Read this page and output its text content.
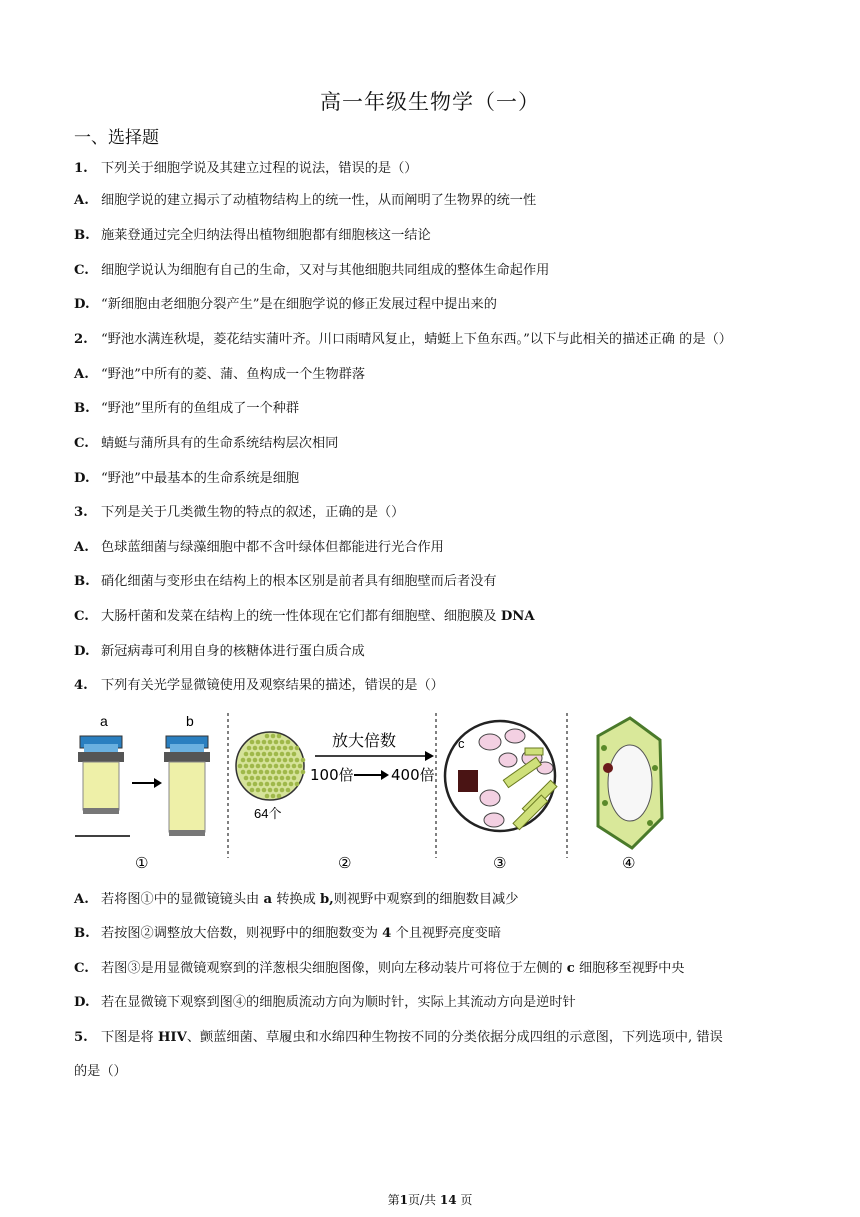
高一年级生物学（一）
一、选择题
1. 下列关于细胞学说及其建立过程的说法，错误的是（）
A. 细胞学说的建立揭示了动植物结构上的统一性，从而阐明了生物界的统一性
B. 施莱登通过完全归纳法得出植物细胞都有细胞核这一结论
C. 细胞学说认为细胞有自己的生命，又对与其他细胞共同组成的整体生命起作用
D. “新细胞由老细胞分裂产生”是在细胞学说的修正发展过程中提出来的
2. “野池水满连秋堤，菱花结实蒲叶齐。川口雨晴风复止，蜻蜓上下鱼东西。”以下与此相关的描述正确 的是（）
A. “野池”中所有的菱、蒲、鱼构成一个生物群落
B. “野池”里所有的鱼组成了一个种群
C. 蜻蜓与蒲所具有的生命系统结构层次相同
D. “野池”中最基本的生命系统是细胞
3. 下列是关于几类微生物的特点的叙述，正确的是（）
A. 色球蓝细菌与绿藻细胞中都不含叶绿体但都能进行光合作用
B. 硝化细菌与变形虫在结构上的根本区别是前者具有细胞壁而后者没有
C. 大肠杆菌和发菜在结构上的统一性体现在它们都有细胞壁、细胞膜及 DNA
D. 新冠病毒可利用自身的核糖体进行蛋白质合成
4. 下列有关光学显微镜使用及观察结果的描述，错误的是（）
a	b
①
64个
放大倍数
100倍 400倍
②
c
③	④
A. 若将图①中的显微镜镜头由 a 转换成 b,则视野中观察到的细胞数目减少
B. 若按图②调整放大倍数，则视野中的细胞数变为 4 个且视野亮度变暗
C. 若图③是用显微镜观察到的洋葱根尖细胞图像，则向左移动装片可将位于左侧的 c 细胞移至视野中央
D. 若在显微镜下观察到图④的细胞质流动方向为顺时针，实际上其流动方向是逆时针
5. 下图是将 HIV、颤蓝细菌、草履虫和水绵四种生物按不同的分类依据分成四组的示意图，下列选项中, 错误
的是（）
第1页/共 14 页
